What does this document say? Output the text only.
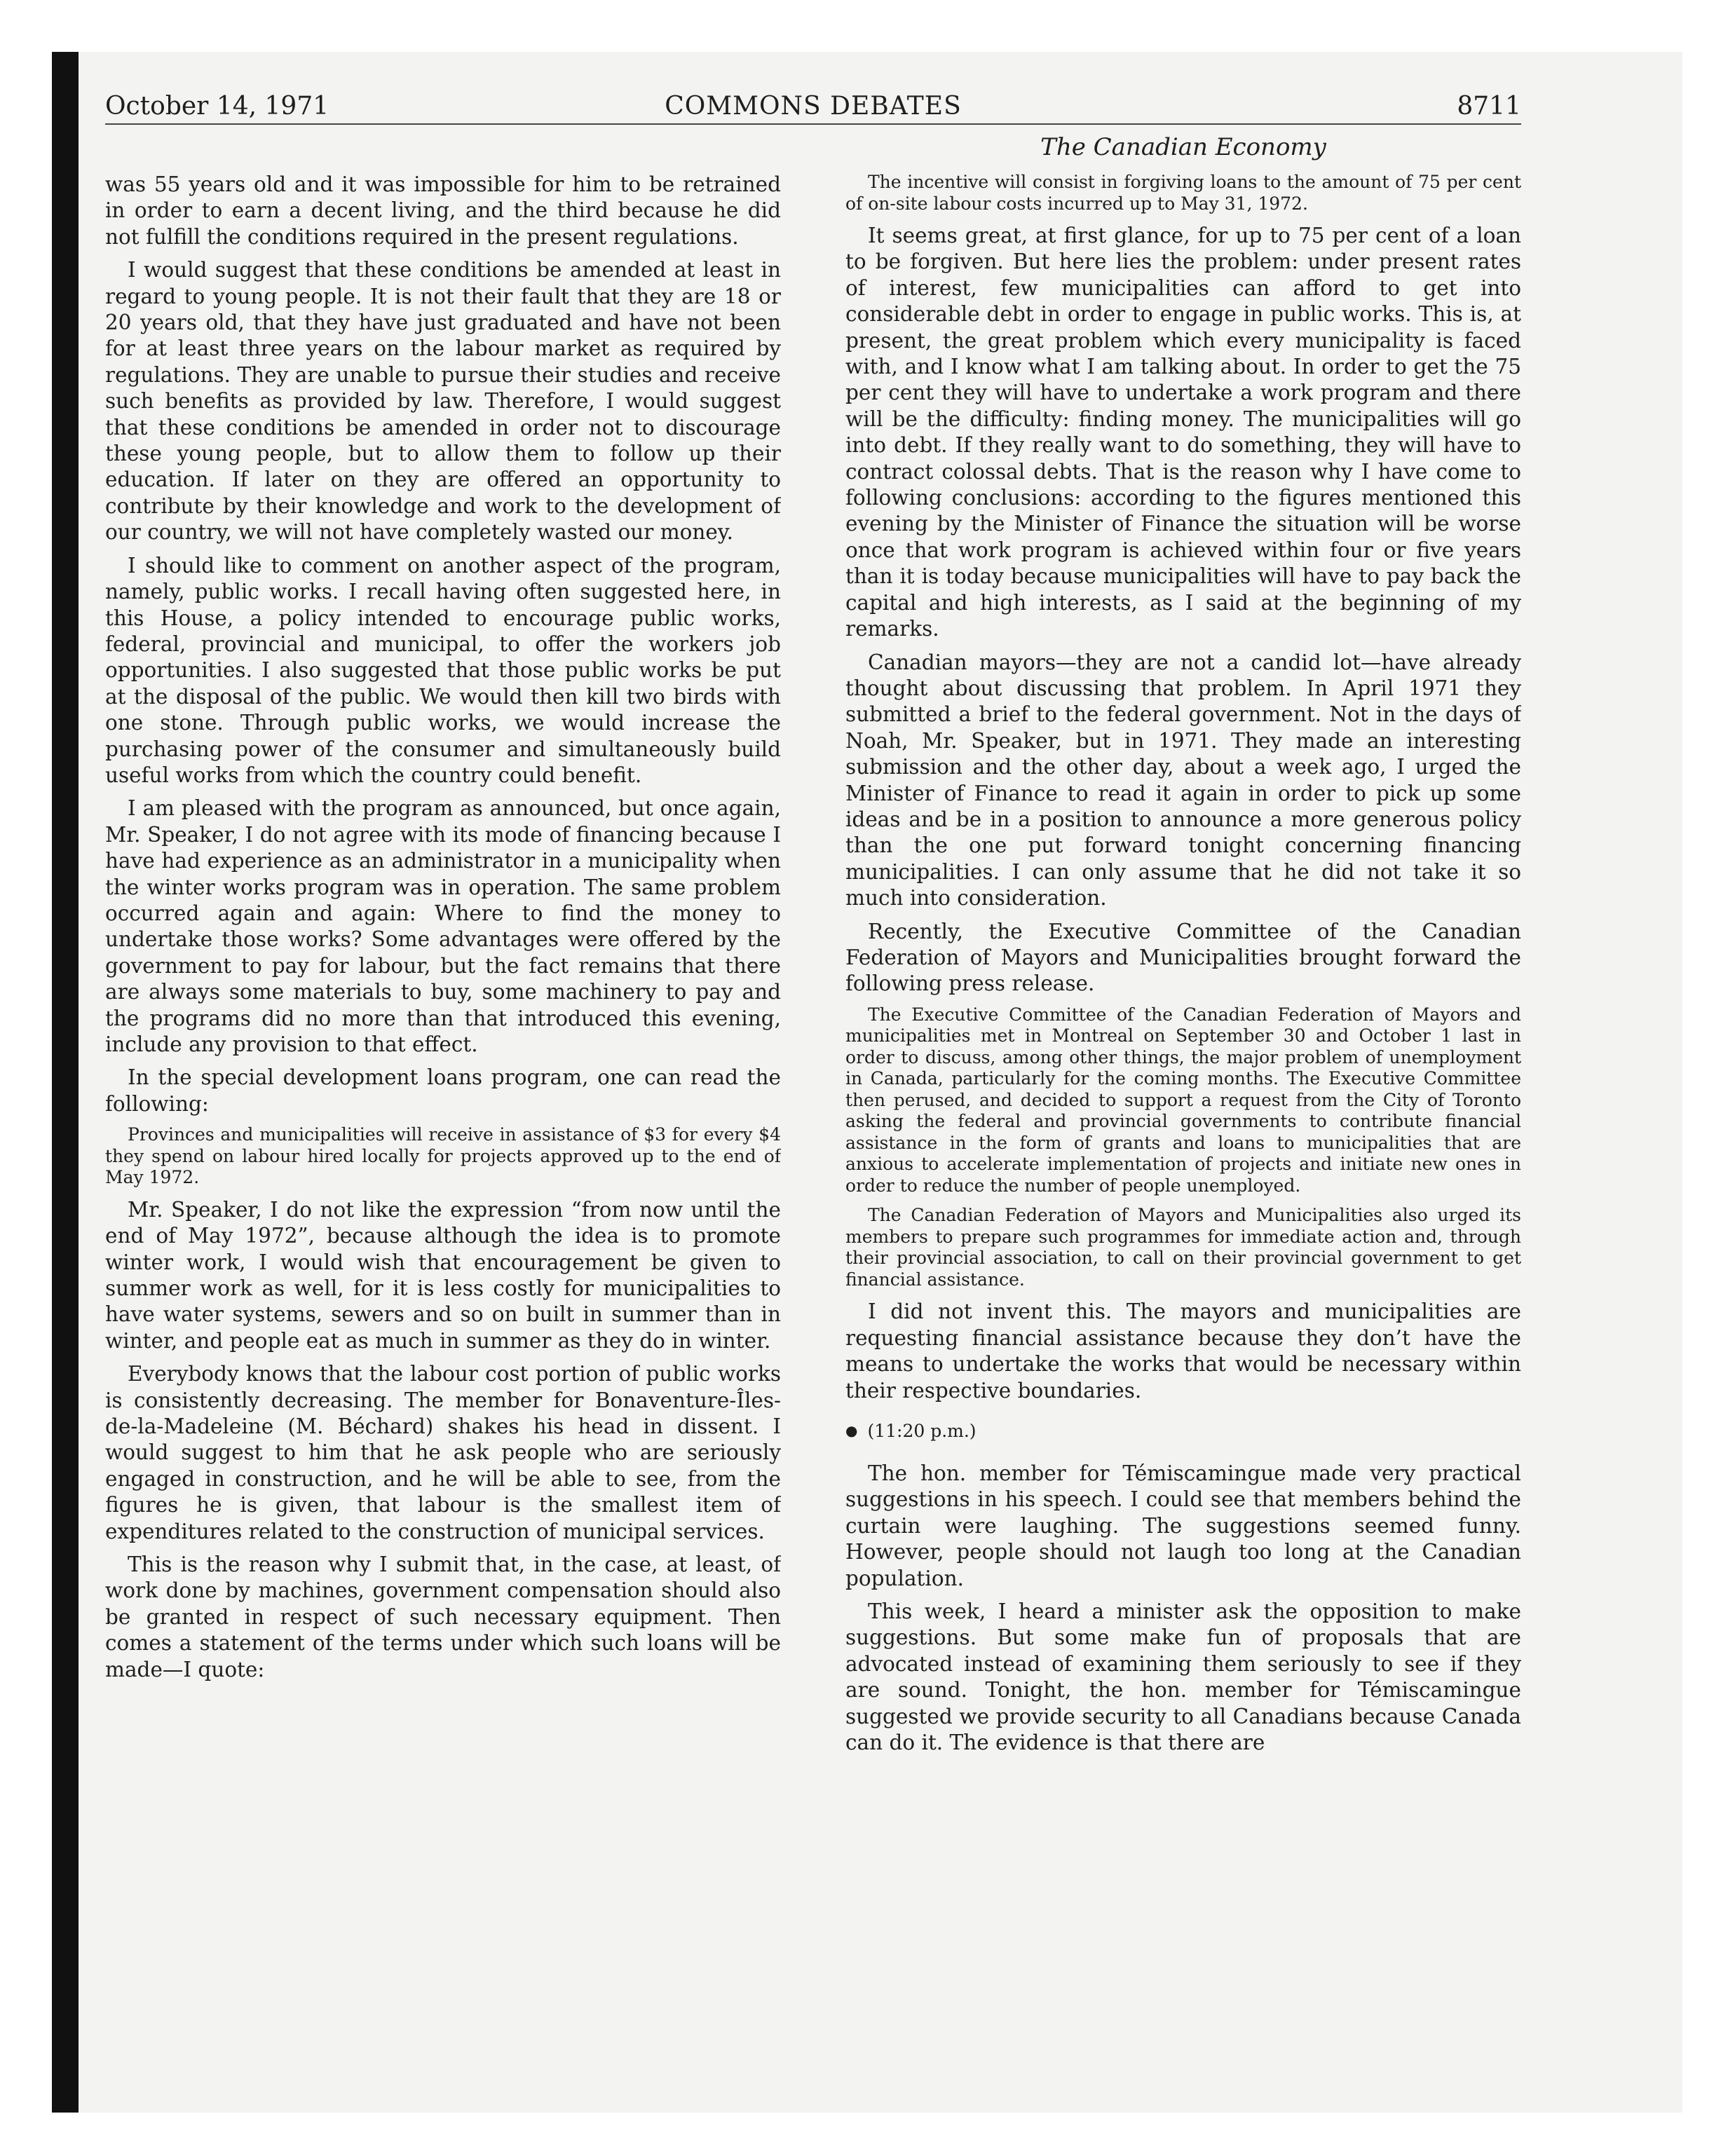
October 14, 1971	COMMONS DEBATES	8711
The Canadian Economy

was 55 years old and it was impossible for him to be retrained in order to earn a decent living, and the third because he did not fulfill the conditions required in the present regulations.

I would suggest that these conditions be amended at least in regard to young people. It is not their fault that they are 18 or 20 years old, that they have just graduated and have not been for at least three years on the labour market as required by regulations. They are unable to pursue their studies and receive such benefits as provided by law. Therefore, I would suggest that these conditions be amended in order not to discourage these young people, but to allow them to follow up their education. If later on they are offered an opportunity to contribute by their knowledge and work to the development of our country, we will not have completely wasted our money.

I should like to comment on another aspect of the program, namely, public works. I recall having often suggested here, in this House, a policy intended to encourage public works, federal, provincial and municipal, to offer the workers job opportunities. I also suggested that those public works be put at the disposal of the public. We would then kill two birds with one stone. Through public works, we would increase the purchasing power of the consumer and simultaneously build useful works from which the country could benefit.

I am pleased with the program as announced, but once again, Mr. Speaker, I do not agree with its mode of financing because I have had experience as an administrator in a municipality when the winter works program was in operation. The same problem occurred again and again: Where to find the money to undertake those works? Some advantages were offered by the government to pay for labour, but the fact remains that there are always some materials to buy, some machinery to pay and the programs did no more than that introduced this evening, include any provision to that effect.

In the special development loans program, one can read the following:

Provinces and municipalities will receive in assistance of $3 for every $4 they spend on labour hired locally for projects approved up to the end of May 1972.

Mr. Speaker, I do not like the expression “from now until the end of May 1972”, because although the idea is to promote winter work, I would wish that encouragement be given to summer work as well, for it is less costly for municipalities to have water systems, sewers and so on built in summer than in winter, and people eat as much in summer as they do in winter.

Everybody knows that the labour cost portion of public works is consistently decreasing. The member for Bonaventure-Îles-de-la-Madeleine (M. Béchard) shakes his head in dissent. I would suggest to him that he ask people who are seriously engaged in construction, and he will be able to see, from the figures he is given, that labour is the smallest item of expenditures related to the construction of municipal services.

This is the reason why I submit that, in the case, at least, of work done by machines, government compensation should also be granted in respect of such necessary equipment. Then comes a statement of the terms under which such loans will be made—I quote:

The incentive will consist in forgiving loans to the amount of 75 per cent of on-site labour costs incurred up to May 31, 1972.

It seems great, at first glance, for up to 75 per cent of a loan to be forgiven. But here lies the problem: under present rates of interest, few municipalities can afford to get into considerable debt in order to engage in public works. This is, at present, the great problem which every municipality is faced with, and I know what I am talking about. In order to get the 75 per cent they will have to undertake a work program and there will be the difficulty: finding money. The municipalities will go into debt. If they really want to do something, they will have to contract colossal debts. That is the reason why I have come to following conclusions: according to the figures mentioned this evening by the Minister of Finance the situation will be worse once that work program is achieved within four or five years than it is today because municipalities will have to pay back the capital and high interests, as I said at the beginning of my remarks.

Canadian mayors—they are not a candid lot—have already thought about discussing that problem. In April 1971 they submitted a brief to the federal government. Not in the days of Noah, Mr. Speaker, but in 1971. They made an interesting submission and the other day, about a week ago, I urged the Minister of Finance to read it again in order to pick up some ideas and be in a position to announce a more generous policy than the one put forward tonight concerning financing municipalities. I can only assume that he did not take it so much into consideration.

Recently, the Executive Committee of the Canadian Federation of Mayors and Municipalities brought forward the following press release.

The Executive Committee of the Canadian Federation of Mayors and municipalities met in Montreal on September 30 and October 1 last in order to discuss, among other things, the major problem of unemployment in Canada, particularly for the coming months. The Executive Committee then perused, and decided to support a request from the City of Toronto asking the federal and provincial governments to contribute financial assistance in the form of grants and loans to municipalities that are anxious to accelerate implementation of projects and initiate new ones in order to reduce the number of people unemployed.

The Canadian Federation of Mayors and Municipalities also urged its members to prepare such programmes for immediate action and, through their provincial association, to call on their provincial government to get financial assistance.

I did not invent this. The mayors and municipalities are requesting financial assistance because they don’t have the means to undertake the works that would be necessary within their respective boundaries.

● (11:20 p.m.)

The hon. member for Témiscamingue made very practical suggestions in his speech. I could see that members behind the curtain were laughing. The suggestions seemed funny. However, people should not laugh too long at the Canadian population.

This week, I heard a minister ask the opposition to make suggestions. But some make fun of proposals that are advocated instead of examining them seriously to see if they are sound. Tonight, the hon. member for Témiscamingue suggested we provide security to all Canadians because Canada can do it. The evidence is that there are
